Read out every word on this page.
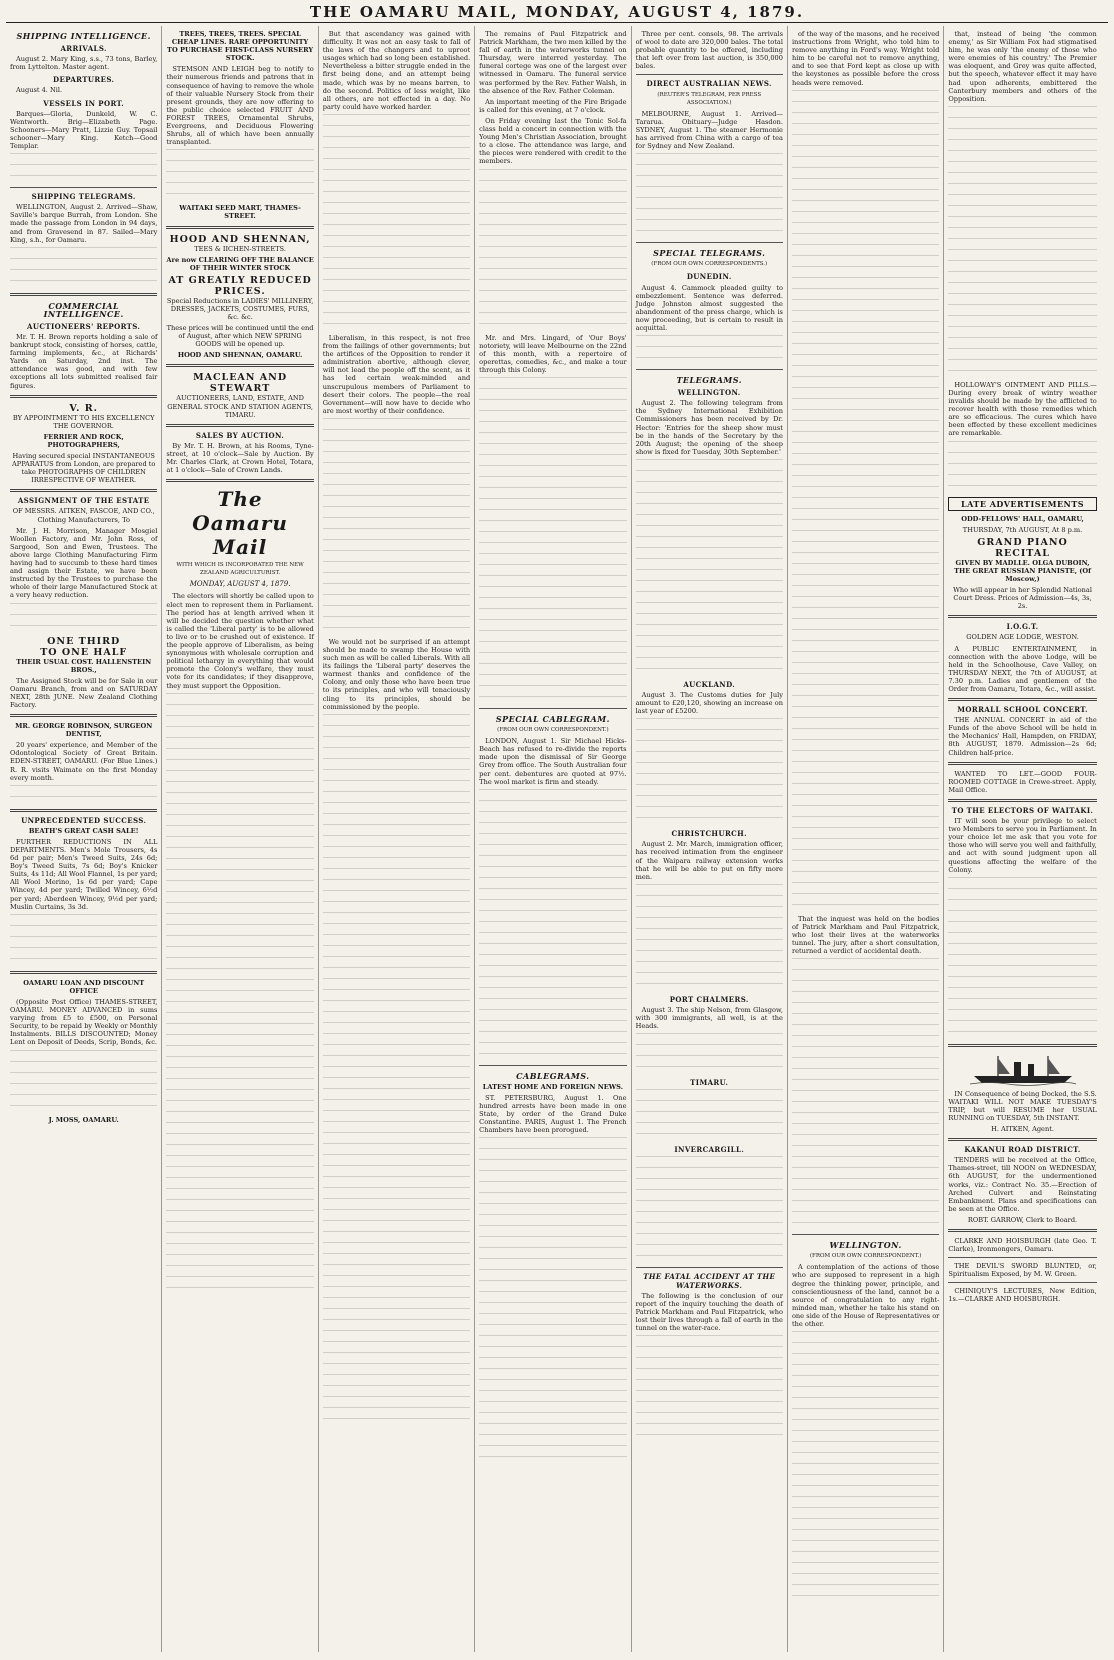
THE OAMARU MAIL, MONDAY, AUGUST 4, 1879.
SHIPPING INTELLIGENCE.
ARRIVALS.

August 2. Mary King, s.s., 73 tons, Barley, from Lyttelton. Master agent.

DEPARTURES.

August 4. Nil.

VESSELS IN PORT.

Barques—Gloria, Dunkeld, W. C. Wentworth. Brig—Elizabeth Page. Schooners—Mary Pratt, Lizzie Guy. Topsail schooner—Mary King. Ketch—Good Templar.

SHIPPING TELEGRAMS.

WELLINGTON, August 2. Arrived—Shaw, Saville's barque Burrah, from London. She made the passage from London in 94 days, and from Gravesend in 87. Sailed—Mary King, s.h., for Oamaru.

COMMERCIAL INTELLIGENCE.
AUCTIONEERS' REPORTS.

Mr. T. H. Brown reports holding a sale of bankrupt stock, consisting of horses, cattle, farming implements, &c., at Richards' Yards on Saturday, 2nd inst. The attendance was good, and with few exceptions all lots submitted realised fair figures.

V. R.

BY APPOINTMENT TO HIS EXCELLENCY THE GOVERNOR.

FERRIER AND ROCK, PHOTOGRAPHERS,

Having secured special INSTANTANEOUS APPARATUS from London, are prepared to take PHOTOGRAPHS OF CHILDREN IRRESPECTIVE OF WEATHER.

ASSIGNMENT OF THE ESTATE

OF MESSRS. AITKEN, FASCOE, AND CO., Clothing Manufacturers, To

Mr. J. H. Morrison, Manager Mosgiel Woollen Factory, and Mr. John Ross, of Sargood, Son and Ewen, Trustees. The above large Clothing Manufacturing Firm having had to succumb to these hard times and assign their Estate, we have been instructed by the Trustees to purchase the whole of their large Manufactured Stock at a very heavy reduction.

ONE THIRD
TO ONE HALF

THEIR USUAL COST. HALLENSTEIN BROS.,

The Assigned Stock will be for Sale in our Oamaru Branch, from and on SATURDAY NEXT, 28th JUNE. New Zealand Clothing Factory.

MR. GEORGE ROBINSON, SURGEON DENTIST,

20 years' experience, and Member of the Odontological Society of Great Britain. EDEN-STREET, OAMARU. (For Blue Lines.) R. R. visits Waimate on the first Monday every month.

UNPRECEDENTED SUCCESS.

BEATH'S GREAT CASH SALE!

FURTHER REDUCTIONS IN ALL DEPARTMENTS. Men's Mole Trousers, 4s 6d per pair; Men's Tweed Suits, 24s 6d; Boy's Tweed Suits, 7s 6d; Boy's Knicker Suits, 4s 11d; All Wool Flannel, 1s per yard; All Wool Merino, 1s 6d per yard; Cape Wincey, 4d per yard; Twilled Wincey, 6½d per yard; Aberdeen Wincey, 9½d per yard; Muslin Curtains, 3s 3d.

OAMARU LOAN AND DISCOUNT OFFICE

(Opposite Post Office) THAMES-STREET, OAMARU. MONEY ADVANCED in sums varying from £5 to £500, on Personal Security, to be repaid by Weekly or Monthly Instalments. BILLS DISCOUNTED; Money Lent on Deposit of Deeds, Scrip, Bonds, &c.

J. MOSS, OAMARU.

TREES, TREES, TREES. SPECIAL CHEAP LINES. RARE OPPORTUNITY TO PURCHASE FIRST-CLASS NURSERY STOCK.

STEMSON AND LEIGH beg to notify to their numerous friends and patrons that in consequence of having to remove the whole of their valuable Nursery Stock from their present grounds, they are now offering to the public choice selected FRUIT AND FOREST TREES, Ornamental Shrubs, Evergreens, and Deciduous Flowering Shrubs, all of which have been annually transplanted.

WAITAKI SEED MART, THAMES-STREET.

HOOD AND SHENNAN,

TEES & IICHEN-STREETS.

Are now CLEARING OFF THE BALANCE OF THEIR WINTER STOCK

AT GREATLY REDUCED PRICES.

Special Reductions in LADIES' MILLINERY, DRESSES, JACKETS, COSTUMES, FURS, &c. &c.

These prices will be continued until the end of August, after which NEW SPRING GOODS will be opened up.

HOOD AND SHENNAN, OAMARU.

MACLEAN AND STEWART

AUCTIONEERS, LAND, ESTATE, AND GENERAL STOCK AND STATION AGENTS, TIMARU.

SALES BY AUCTION.

By Mr. T. H. Brown, at his Rooms, Tyne-street, at 10 o'clock—Sale by Auction. By Mr. Charles Clark, at Crown Hotel, Totara, at 1 o'clock—Sale of Crown Lands.

The Oamaru Mail

WITH WHICH IS INCORPORATED THE NEW ZEALAND AGRICULTURIST.

MONDAY, AUGUST 4, 1879.

The electors will shortly be called upon to elect men to represent them in Parliament. The period has at length arrived when it will be decided the question whether what is called the 'Liberal party' is to be allowed to live or to be crushed out of existence. If the people approve of Liberalism, as being synonymous with wholesale corruption and political lethargy in everything that would promote the Colony's welfare, they must vote for its candidates; if they disapprove, they must support the Opposition.

But that ascendancy was gained with difficulty. It was not an easy task to fall of the laws of the changers and to uproot usages which had so long been established. Nevertheless a bitter struggle ended in the first being done, and an attempt being made, which was by no means barren, to do the second. Politics of less weight, like all others, are not effected in a day. No party could have worked harder.

Liberalism, in this respect, is not free from the failings of other governments; but the artifices of the Opposition to render it administration abortive, although clever, will not lead the people off the scent, as it has led certain weak-minded and unscrupulous members of Parliament to desert their colors. The people—the real Government—will now have to decide who are most worthy of their confidence.

We would not be surprised if an attempt should be made to swamp the House with such men as will be called Liberals. With all its failings the 'Liberal party' deserves the warmest thanks and confidence of the Colony, and only those who have been true to its principles, and who will tenaciously cling to its principles, should be commissioned by the people.

The remains of Paul Fitzpatrick and Patrick Markham, the two men killed by the fall of earth in the waterworks tunnel on Thursday, were interred yesterday. The funeral cortege was one of the largest ever witnessed in Oamaru. The funeral service was performed by the Rev. Father Walsh, in the absence of the Rev. Father Coleman.

An important meeting of the Fire Brigade is called for this evening, at 7 o'clock.

On Friday evening last the Tonic Sol-fa class held a concert in connection with the Young Men's Christian Association, brought to a close. The attendance was large, and the pieces were rendered with credit to the members.

Mr. and Mrs. Lingard, of 'Our Boys' notoriety, will leave Melbourne on the 22nd of this month, with a repertoire of operettas, comedies, &c., and make a tour through this Colony.

SPECIAL CABLEGRAM.

(FROM OUR OWN CORRESPONDENT.)

LONDON, August 1. Sir Michael Hicks-Beach has refused to re-divide the reports made upon the dismissal of Sir George Grey from office. The South Australian four per cent. debentures are quoted at 97½. The wool market is firm and steady.

CABLEGRAMS.

LATEST HOME AND FOREIGN NEWS.

ST. PETERSBURG, August 1. One hundred arrests have been made in one State, by order of the Grand Duke Constantine. PARIS, August 1. The French Chambers have been prorogued.

Three per cent. consols, 98. The arrivals of wool to date are 320,000 bales. The total probable quantity to be offered, including that left over from last auction, is 350,000 bales.

DIRECT AUSTRALIAN NEWS.

(REUTER'S TELEGRAM, PER PRESS ASSOCIATION.)

MELBOURNE, August 1. Arrived—Tararua. Obituary—Judge Hasdon. SYDNEY, August 1. The steamer Hermonie has arrived from China with a cargo of tea for Sydney and New Zealand.

SPECIAL TELEGRAMS.

(FROM OUR OWN CORRESPONDENTS.)

DUNEDIN.

August 4. Cammock pleaded guilty to embezzlement. Sentence was deferred. Judge Johnston almost suggested the abandonment of the press charge, which is now proceeding, but is certain to result in acquittal.

TELEGRAMS.
WELLINGTON.

August 2. The following telegram from the Sydney International Exhibition Commissioners has been received by Dr. Hector: 'Entries for the sheep show must be in the hands of the Secretary by the 20th August; the opening of the sheep show is fixed for Tuesday, 30th September.'

AUCKLAND.

August 3. The Customs duties for July amount to £20,120, showing an increase on last year of £5200.

CHRISTCHURCH.

August 2. Mr. March, immigration officer, has received intimation from the engineer of the Waipara railway extension works that he will be able to put on fifty more men.

PORT CHALMERS.

August 3. The ship Nelson, from Glasgow, with 300 immigrants, all well, is at the Heads.

TIMARU.
INVERCARGILL.
THE FATAL ACCIDENT AT THE WATERWORKS.

The following is the conclusion of our report of the inquiry touching the death of Patrick Markham and Paul Fitzpatrick, who lost their lives through a fall of earth in the tunnel on the water-race.

of the way of the masons, and he received instructions from Wright, who told him to remove anything in Ford's way. Wright told him to be careful not to remove anything, and to see that Ford kept as close up with the keystones as possible before the cross heads were removed.

That the inquest was held on the bodies of Patrick Markham and Paul Fitzpatrick, who lost their lives at the waterworks tunnel. The jury, after a short consultation, returned a verdict of accidental death.

WELLINGTON.

(FROM OUR OWN CORRESPONDENT.)

A contemplation of the actions of those who are supposed to represent in a high degree the thinking power, principle, and conscientiousness of the land, cannot be a source of congratulation to any right-minded man, whether he take his stand on one side of the House of Representatives or the other.

that, instead of being 'the common enemy,' as Sir William Fox had stigmatised him, he was only 'the enemy of those who were enemies of his country.' The Premier was eloquent, and Grey was quite affected, but the speech, whatever effect it may have had upon adherents, embittered the Canterbury members and others of the Opposition.

HOLLOWAY'S OINTMENT AND PILLS.—During every break of wintry weather invalids should be made by the afflicted to recover health with those remedies which are so efficacious. The cures which have been effected by these excellent medicines are remarkable.

LATE ADVERTISEMENTS

ODD-FELLOWS' HALL, OAMARU,

THURSDAY, 7th AUGUST, At 8 p.m.

GRAND PIANO RECITAL

GIVEN BY MADLLE. OLGA DUBOIN, THE GREAT RUSSIAN PIANISTE, (Of Moscow,)

Who will appear in her Splendid National Court Dress. Prices of Admission—4s, 3s, 2s.

I.O.G.T.

GOLDEN AGE LODGE, WESTON.

A PUBLIC ENTERTAINMENT, in connection with the above Lodge, will be held in the Schoolhouse, Cave Valley, on THURSDAY NEXT, the 7th of AUGUST, at 7.30 p.m. Ladies and gentlemen of the Order from Oamaru, Totara, &c., will assist.

MORRALL SCHOOL CONCERT.

THE ANNUAL CONCERT in aid of the Funds of the above School will be held in the Mechanics' Hall, Hampden, on FRIDAY, 8th AUGUST, 1879. Admission—2s 6d; Children half-price.

WANTED TO LET.—GOOD FOUR-ROOMED COTTAGE in Crewe-street. Apply, Mail Office.

TO THE ELECTORS OF WAITAKI.

IT will soon be your privilege to select two Members to serve you in Parliament. In your choice let me ask that you vote for those who will serve you well and faithfully, and act with sound judgment upon all questions affecting the welfare of the Colony.

IN Consequence of being Docked, the S.S. WAITAKI WILL NOT MAKE TUESDAY'S TRIP, but will RESUME her USUAL RUNNING on TUESDAY, 5th INSTANT.

H. AITKEN, Agent.

KAKANUI ROAD DISTRICT.

TENDERS will be received at the Office, Thames-street, till NOON on WEDNESDAY, 6th AUGUST, for the undermentioned works, viz.: Contract No. 35.—Erection of Arched Culvert and Reinstating Embankment. Plans and specifications can be seen at the Office.

ROBT. GARROW, Clerk to Board.

CLARKE AND HOISBURGH (late Geo. T. Clarke), Ironmongers, Oamaru.

THE DEVIL'S SWORD BLUNTED, or, Spiritualism Exposed, by M. W. Green.

CHINIQUY'S LECTURES, New Edition, 1s.—CLARKE AND HOISBURGH.
